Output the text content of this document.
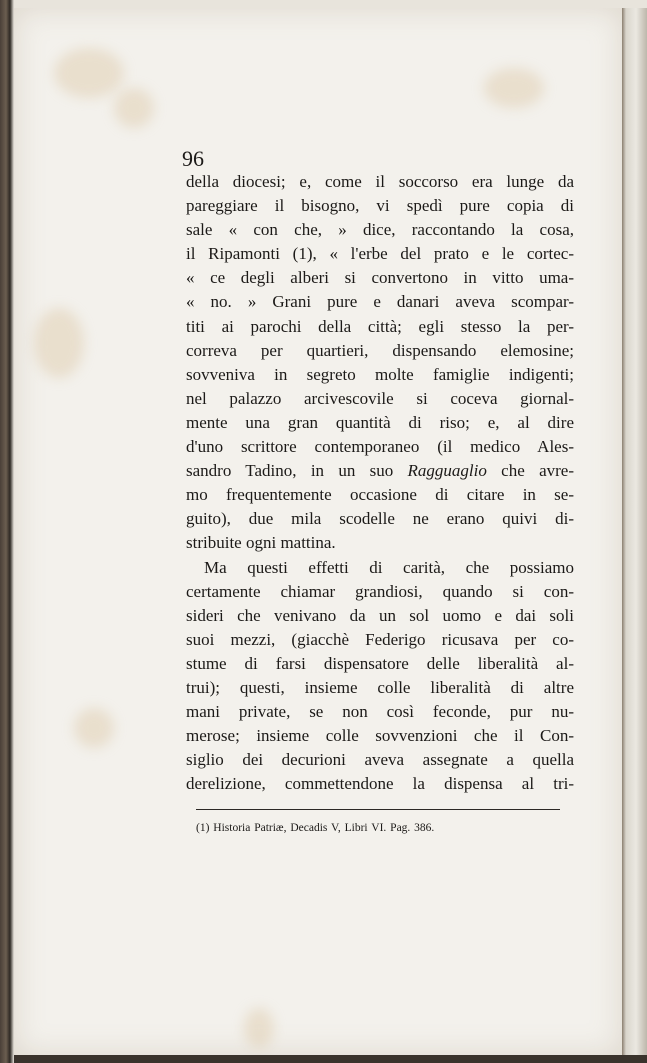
96
della diocesi; e, come il soccorso era lunge da
pareggiare il bisogno, vi spedì pure copia di
sale « con che, » dice, raccontando la cosa,
il Ripamonti (1), « l'erbe del prato e le cortec-
« ce degli alberi si convertono in vitto uma-
« no. » Grani pure e danari aveva scompar-
titi ai parochi della città; egli stesso la per-
correva per quartieri, dispensando elemosine;
sovveniva in segreto molte famiglie indigenti;
nel palazzo arcivescovile si coceva giornal-
mente una gran quantità di riso; e, al dire
d'uno scrittore contemporaneo (il medico Ales-
sandro Tadino, in un suo Ragguaglio che avre-
mo frequentemente occasione di citare in se-
guito), due mila scodelle ne erano quivi di-
stribuite ogni mattina.
Ma questi effetti di carità, che possiamo
certamente chiamar grandiosi, quando si con-
sideri che venivano da un sol uomo e dai soli
suoi mezzi, (giacchè Federigo ricusava per co-
stume di farsi dispensatore delle liberalità al-
trui); questi, insieme colle liberalità di altre
mani private, se non così feconde, pur nu-
merose; insieme colle sovvenzioni che il Con-
siglio dei decurioni aveva assegnate a quella
derelizione, commettendone la dispensa al tri-
(1) Historia Patriæ, Decadis V, Libri VI. Pag. 386.
